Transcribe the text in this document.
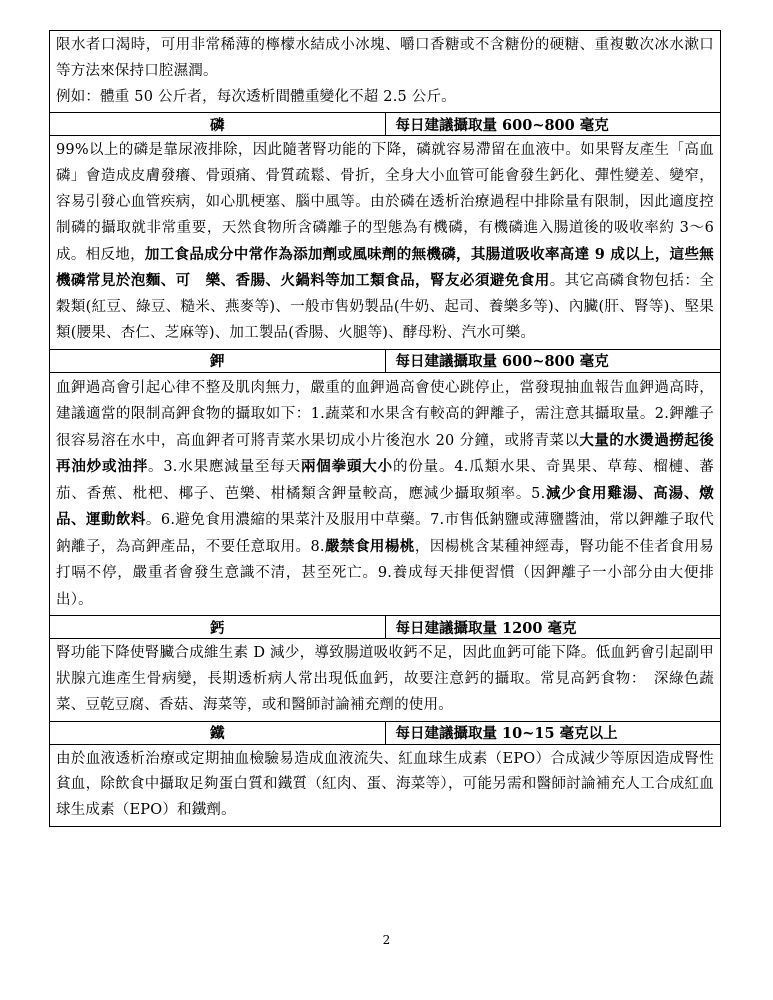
限水者口渴時，可用非常稀薄的檸檬水結成小冰塊、嚼口香糖或不含糖份的硬糖、重複數次冰水漱口等方法來保持口腔濕潤。

例如：體重 50 公斤者，每次透析間體重變化不超 2.5 公斤。	

磷	每日建議攝取量 600~800 毫克

99%以上的磷是靠尿液排除，因此隨著腎功能的下降，磷就容易滯留在血液中。如果腎友產生「高血磷」會造成皮膚發癢、骨頭痛、骨質疏鬆、骨折，全身大小血管可能會發生鈣化、彈性變差、變窄，容易引發心血管疾病，如心肌梗塞、腦中風等。由於磷在透析治療過程中排除量有限制，因此適度控制磷的攝取就非常重要，天然食物所含磷離子的型態為有機磷，有機磷進入腸道後的吸收率約 3～6 成。相反地，加工食品成分中常作為添加劑或風味劑的無機磷，其腸道吸收率高達 9 成以上，這些無機磷常見於泡麵、可　樂、香腸、火鍋料等加工類食品，腎友必須避免食用。其它高磷食物包括：全穀類(紅豆、綠豆、糙米、燕麥等)、一般市售奶製品(牛奶、起司、養樂多等)、內臟(肝、腎等)、堅果類(腰果、杏仁、芝麻等)、加工製品(香腸、火腿等)、酵母粉、汽水可樂。	

鉀	每日建議攝取量 600~800 毫克

血鉀過高會引起心律不整及肌肉無力，嚴重的血鉀過高會使心跳停止，當發現抽血報告血鉀過高時，建議適當的限制高鉀食物的攝取如下：1.蔬菜和水果含有較高的鉀離子，需注意其攝取量。2.鉀離子很容易溶在水中，高血鉀者可將青菜水果切成小片後泡水 20 分鐘，或將青菜以大量的水燙過撈起後再油炒或油拌。3.水果應減量至每天兩個拳頭大小的份量。4.瓜類水果、奇異果、草莓、榴槤、蕃茄、香蕉、枇杷、椰子、芭樂、柑橘類含鉀量較高，應減少攝取頻率。5.減少食用雞湯、高湯、燉品、運動飲料。6.避免食用濃縮的果菜汁及服用中草藥。7.市售低鈉鹽或薄鹽醬油，常以鉀離子取代鈉離子，為高鉀產品，不要任意取用。8.嚴禁食用楊桃，因楊桃含某種神經毒，腎功能不佳者食用易打嗝不停，嚴重者會發生意識不清，甚至死亡。9.養成每天排便習慣（因鉀離子一小部分由大便排出）。	

鈣	每日建議攝取量 1200 毫克

腎功能下降使腎臟合成維生素 D 減少，導致腸道吸收鈣不足，因此血鈣可能下降。低血鈣會引起副甲狀腺亢進產生骨病變，長期透析病人常出現低血鈣，故要注意鈣的攝取。常見高鈣食物：　深綠色蔬菜、豆乾豆腐、香菇、海菜等，或和醫師討論補充劑的使用。	

鐵	每日建議攝取量 10~15 毫克以上

由於血液透析治療或定期抽血檢驗易造成血液流失、紅血球生成素（EPO）合成減少等原因造成腎性貧血，除飲食中攝取足夠蛋白質和鐵質（紅肉、蛋、海菜等），可能另需和醫師討論補充人工合成紅血球生成素（EPO）和鐵劑。	

2
